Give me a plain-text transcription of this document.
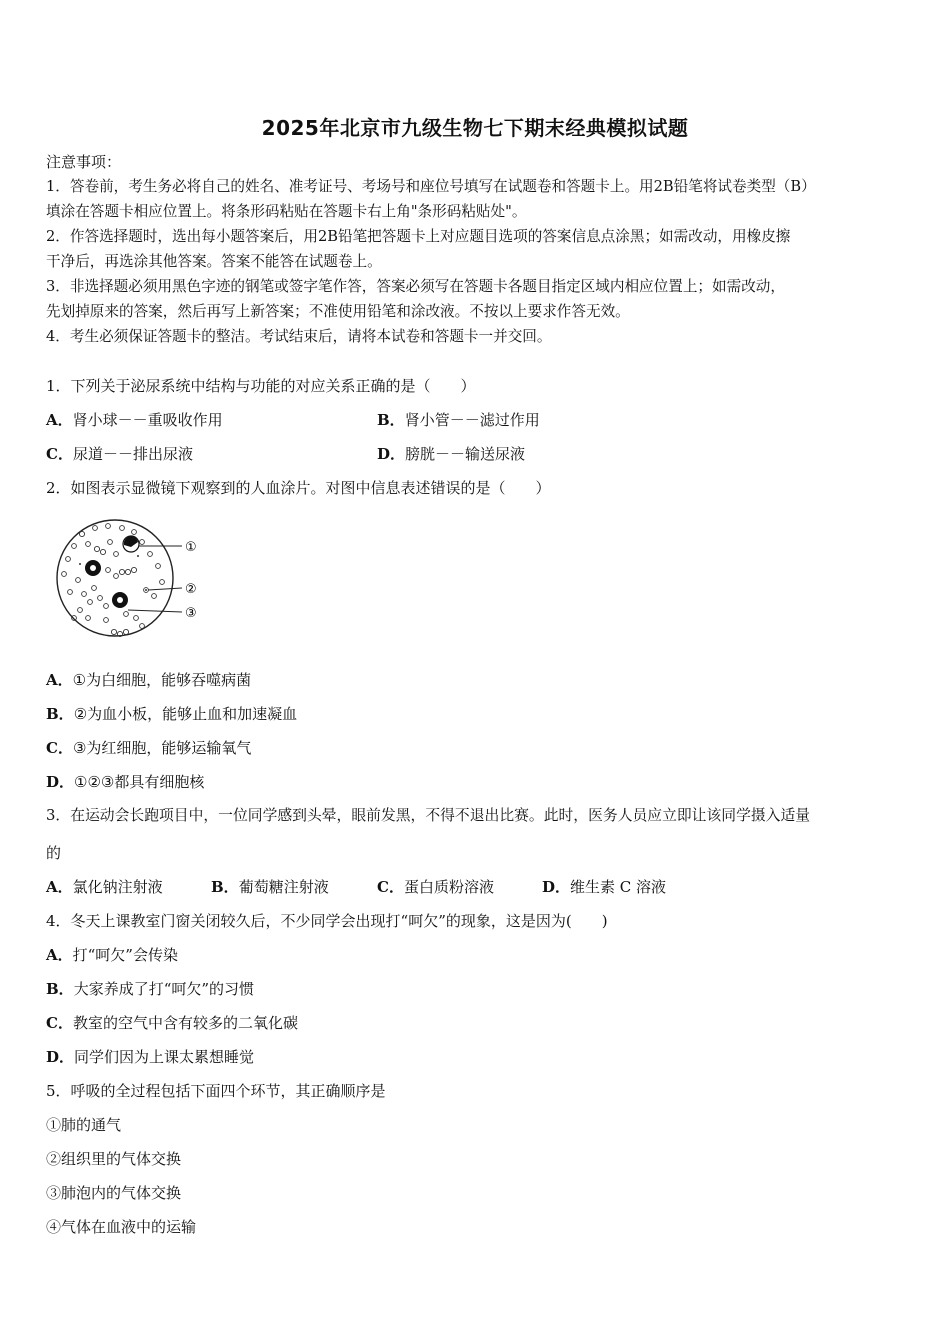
2025年北京市九级生物七下期末经典模拟试题
注意事项：
1．答卷前，考生务必将自己的姓名、准考证号、考场号和座位号填写在试题卷和答题卡上。用2B铅笔将试卷类型（B）
填涂在答题卡相应位置上。将条形码粘贴在答题卡右上角"条形码粘贴处"。
2．作答选择题时，选出每小题答案后，用2B铅笔把答题卡上对应题目选项的答案信息点涂黑；如需改动，用橡皮擦
干净后，再选涂其他答案。答案不能答在试题卷上。
3．非选择题必须用黑色字迹的钢笔或签字笔作答，答案必须写在答题卡各题目指定区域内相应位置上；如需改动，
先划掉原来的答案，然后再写上新答案；不准使用铅笔和涂改液。不按以上要求作答无效。
4．考生必须保证答题卡的整洁。考试结束后，请将本试卷和答题卡一并交回。
1．下列关于泌尿系统中结构与功能的对应关系正确的是（　　）
A．肾小球－－重吸收作用	B．肾小管－－滤过作用
C．尿道－－排出尿液	D．膀胱－－输送尿液
2．如图表示显微镜下观察到的人血涂片。对图中信息表述错误的是（　　）
①
②
③
A．①为白细胞，能够吞噬病菌
B．②为血小板，能够止血和加速凝血
C．③为红细胞，能够运输氧气
D．①②③都具有细胞核
3．在运动会长跑项目中，一位同学感到头晕，眼前发黑，不得不退出比赛。此时，医务人员应立即让该同学摄入适量
的
A．氯化钠注射液	B．葡萄糖注射液	C．蛋白质粉溶液	D．维生素 C 溶液
4．冬天上课教室门窗关闭较久后，不少同学会出现打“呵欠”的现象，这是因为(　　)
A．打“呵欠”会传染
B．大家养成了打“呵欠”的习惯
C．教室的空气中含有较多的二氧化碳
D．同学们因为上课太累想睡觉
5．呼吸的全过程包括下面四个环节，其正确顺序是
①肺的通气
②组织里的气体交换
③肺泡内的气体交换
④气体在血液中的运输
